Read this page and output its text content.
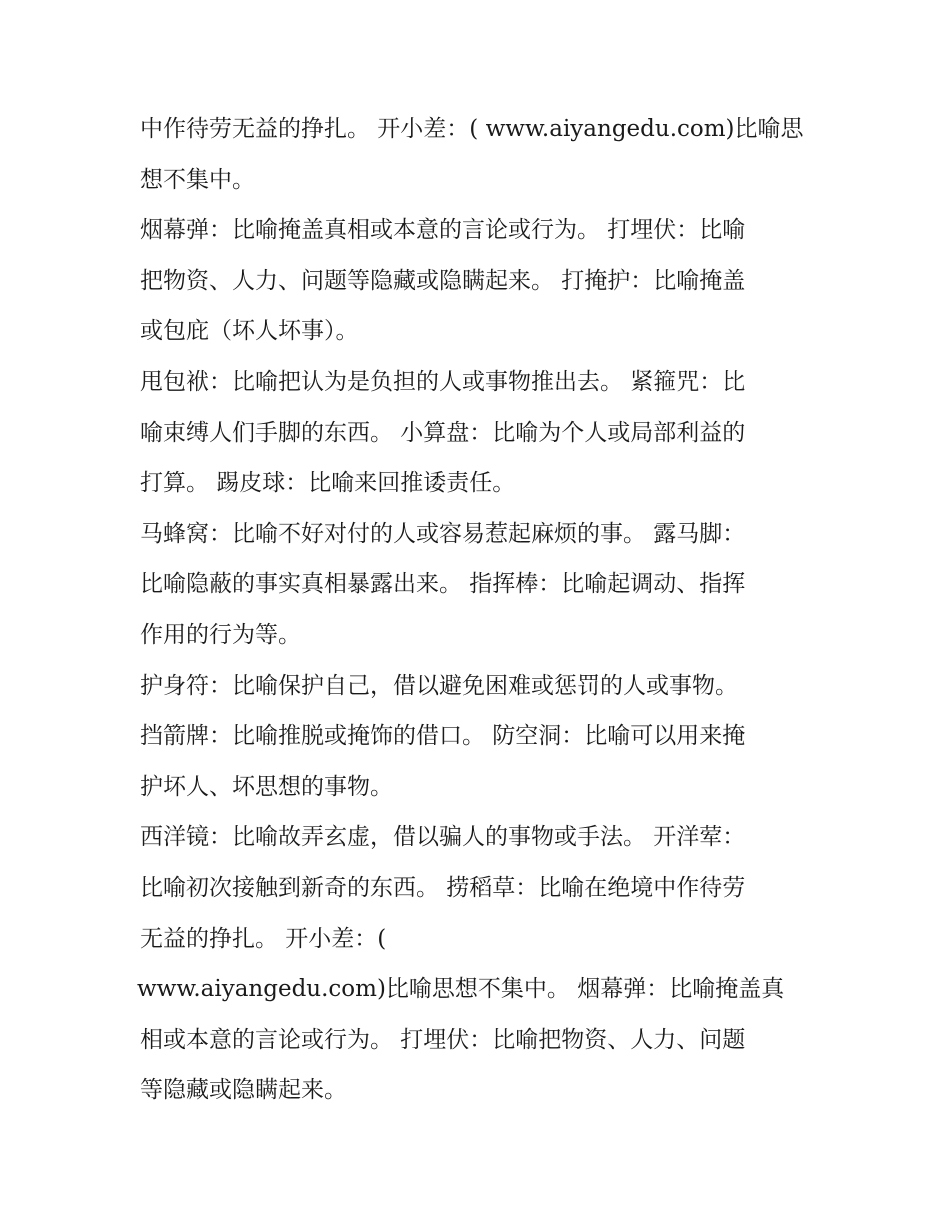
中作待劳无益的挣扎。 开小差：( www.aiyangedu.com)比喻思
想不集中。
烟幕弹：比喻掩盖真相或本意的言论或行为。 打埋伏：比喻
把物资、人力、问题等隐藏或隐瞒起来。 打掩护：比喻掩盖
或包庇（坏人坏事）。
甩包袱：比喻把认为是负担的人或事物推出去。 紧箍咒：比
喻束缚人们手脚的东西。 小算盘：比喻为个人或局部利益的
打算。 踢皮球：比喻来回推诿责任。
马蜂窝：比喻不好对付的人或容易惹起麻烦的事。 露马脚：
比喻隐蔽的事实真相暴露出来。 指挥棒：比喻起调动、指挥
作用的行为等。
护身符：比喻保护自己，借以避免困难或惩罚的人或事物。
挡箭牌：比喻推脱或掩饰的借口。 防空洞：比喻可以用来掩
护坏人、坏思想的事物。
西洋镜：比喻故弄玄虚，借以骗人的事物或手法。 开洋荤：
比喻初次接触到新奇的东西。 捞稻草：比喻在绝境中作待劳
无益的挣扎。 开小差：(
www.aiyangedu.com)比喻思想不集中。 烟幕弹：比喻掩盖真
相或本意的言论或行为。 打埋伏：比喻把物资、人力、问题
等隐藏或隐瞒起来。
